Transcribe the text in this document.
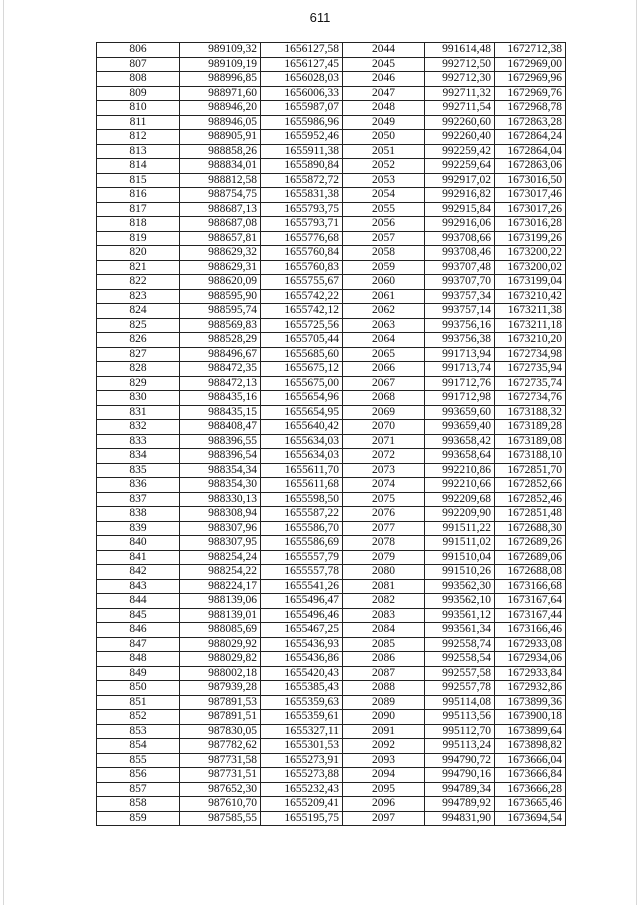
611
806	989109,32	1656127,58	2044	991614,48	1672712,38
807	989109,19	1656127,45	2045	992712,50	1672969,00
808	988996,85	1656028,03	2046	992712,30	1672969,96
809	988971,60	1656006,33	2047	992711,32	1672969,76
810	988946,20	1655987,07	2048	992711,54	1672968,78
811	988946,05	1655986,96	2049	992260,60	1672863,28
812	988905,91	1655952,46	2050	992260,40	1672864,24
813	988858,26	1655911,38	2051	992259,42	1672864,04
814	988834,01	1655890,84	2052	992259,64	1672863,06
815	988812,58	1655872,72	2053	992917,02	1673016,50
816	988754,75	1655831,38	2054	992916,82	1673017,46
817	988687,13	1655793,75	2055	992915,84	1673017,26
818	988687,08	1655793,71	2056	992916,06	1673016,28
819	988657,81	1655776,68	2057	993708,66	1673199,26
820	988629,32	1655760,84	2058	993708,46	1673200,22
821	988629,31	1655760,83	2059	993707,48	1673200,02
822	988620,09	1655755,67	2060	993707,70	1673199,04
823	988595,90	1655742,22	2061	993757,34	1673210,42
824	988595,74	1655742,12	2062	993757,14	1673211,38
825	988569,83	1655725,56	2063	993756,16	1673211,18
826	988528,29	1655705,44	2064	993756,38	1673210,20
827	988496,67	1655685,60	2065	991713,94	1672734,98
828	988472,35	1655675,12	2066	991713,74	1672735,94
829	988472,13	1655675,00	2067	991712,76	1672735,74
830	988435,16	1655654,96	2068	991712,98	1672734,76
831	988435,15	1655654,95	2069	993659,60	1673188,32
832	988408,47	1655640,42	2070	993659,40	1673189,28
833	988396,55	1655634,03	2071	993658,42	1673189,08
834	988396,54	1655634,03	2072	993658,64	1673188,10
835	988354,34	1655611,70	2073	992210,86	1672851,70
836	988354,30	1655611,68	2074	992210,66	1672852,66
837	988330,13	1655598,50	2075	992209,68	1672852,46
838	988308,94	1655587,22	2076	992209,90	1672851,48
839	988307,96	1655586,70	2077	991511,22	1672688,30
840	988307,95	1655586,69	2078	991511,02	1672689,26
841	988254,24	1655557,79	2079	991510,04	1672689,06
842	988254,22	1655557,78	2080	991510,26	1672688,08
843	988224,17	1655541,26	2081	993562,30	1673166,68
844	988139,06	1655496,47	2082	993562,10	1673167,64
845	988139,01	1655496,46	2083	993561,12	1673167,44
846	988085,69	1655467,25	2084	993561,34	1673166,46
847	988029,92	1655436,93	2085	992558,74	1672933,08
848	988029,82	1655436,86	2086	992558,54	1672934,06
849	988002,18	1655420,43	2087	992557,58	1672933,84
850	987939,28	1655385,43	2088	992557,78	1672932,86
851	987891,53	1655359,63	2089	995114,08	1673899,36
852	987891,51	1655359,61	2090	995113,56	1673900,18
853	987830,05	1655327,11	2091	995112,70	1673899,64
854	987782,62	1655301,53	2092	995113,24	1673898,82
855	987731,58	1655273,91	2093	994790,72	1673666,04
856	987731,51	1655273,88	2094	994790,16	1673666,84
857	987652,30	1655232,43	2095	994789,34	1673666,28
858	987610,70	1655209,41	2096	994789,92	1673665,46
859	987585,55	1655195,75	2097	994831,90	1673694,54
